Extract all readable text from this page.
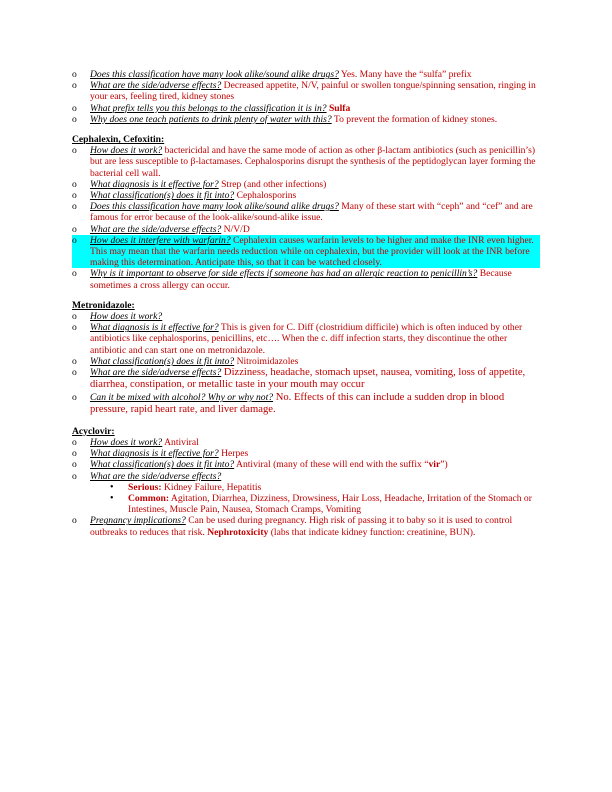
o Does this classification have many look alike/sound alike drugs? Yes. Many have the “sulfa” prefix
o What are the side/adverse effects? Decreased appetite, N/V, painful or swollen tongue/spinning sensation, ringing in your ears, feeling tired, kidney stones
o What prefix tells you this belongs to the classification it is in? Sulfa
o Why does one teach patients to drink plenty of water with this? To prevent the formation of kidney stones.

Cephalexin, Cefoxitin:

o How does it work? bactericidal and have the same mode of action as other β-lactam antibiotics (such as penicillin’s) but are less susceptible to β-lactamases. Cephalosporins disrupt the synthesis of the peptidoglycan layer forming the bacterial cell wall.
o What diagnosis is it effective for? Strep (and other infections)
o What classification(s) does it fit into? Cephalosporins
o Does this classification have many look alike/sound alike drugs? Many of these start with “ceph” and “cef” and are famous for error because of the look-alike/sound-alike issue.
o What are the side/adverse effects? N/V/D
o How does it interfere with warfarin? Cephalexin causes warfarin levels to be higher and make the INR even higher. This may mean that the warfarin needs reduction while on cephalexin, but the provider will look at the INR before making this determination. Anticipate this, so that it can be watched closely.
o Why is it important to observe for side effects if someone has had an allergic reaction to penicillin’s? Because sometimes a cross allergy can occur.

Metronidazole:

o How does it work?
o What diagnosis is it effective for? This is given for C. Diff (clostridium difficile) which is often induced by other antibiotics like cephalosporins, penicillins, etc…. When the c. diff infection starts, they discontinue the other antibiotic and can start one on metronidazole.
o What classification(s) does it fit into? Nitroimidazoles
o What are the side/adverse effects? Dizziness, headache, stomach upset, nausea, vomiting, loss of appetite, diarrhea, constipation, or metallic taste in your mouth may occur
o Can it be mixed with alcohol? Why or why not? No. Effects of this can include a sudden drop in blood pressure, rapid heart rate, and liver damage.

Acyclovir:

o How does it work? Antiviral
o What diagnosis is it effective for? Herpes
o What classification(s) does it fit into? Antiviral (many of these will end with the suffix “vir”)
o What are the side/adverse effects?
• Serious: Kidney Failure, Hepatitis
• Common: Agitation, Diarrhea, Dizziness, Drowsiness, Hair Loss, Headache, Irritation of the Stomach or Intestines, Muscle Pain, Nausea, Stomach Cramps, Vomiting
o Pregnancy implications? Can be used during pregnancy. High risk of passing it to baby so it is used to control outbreaks to reduces that risk. Nephrotoxicity (labs that indicate kidney function: creatinine, BUN).
